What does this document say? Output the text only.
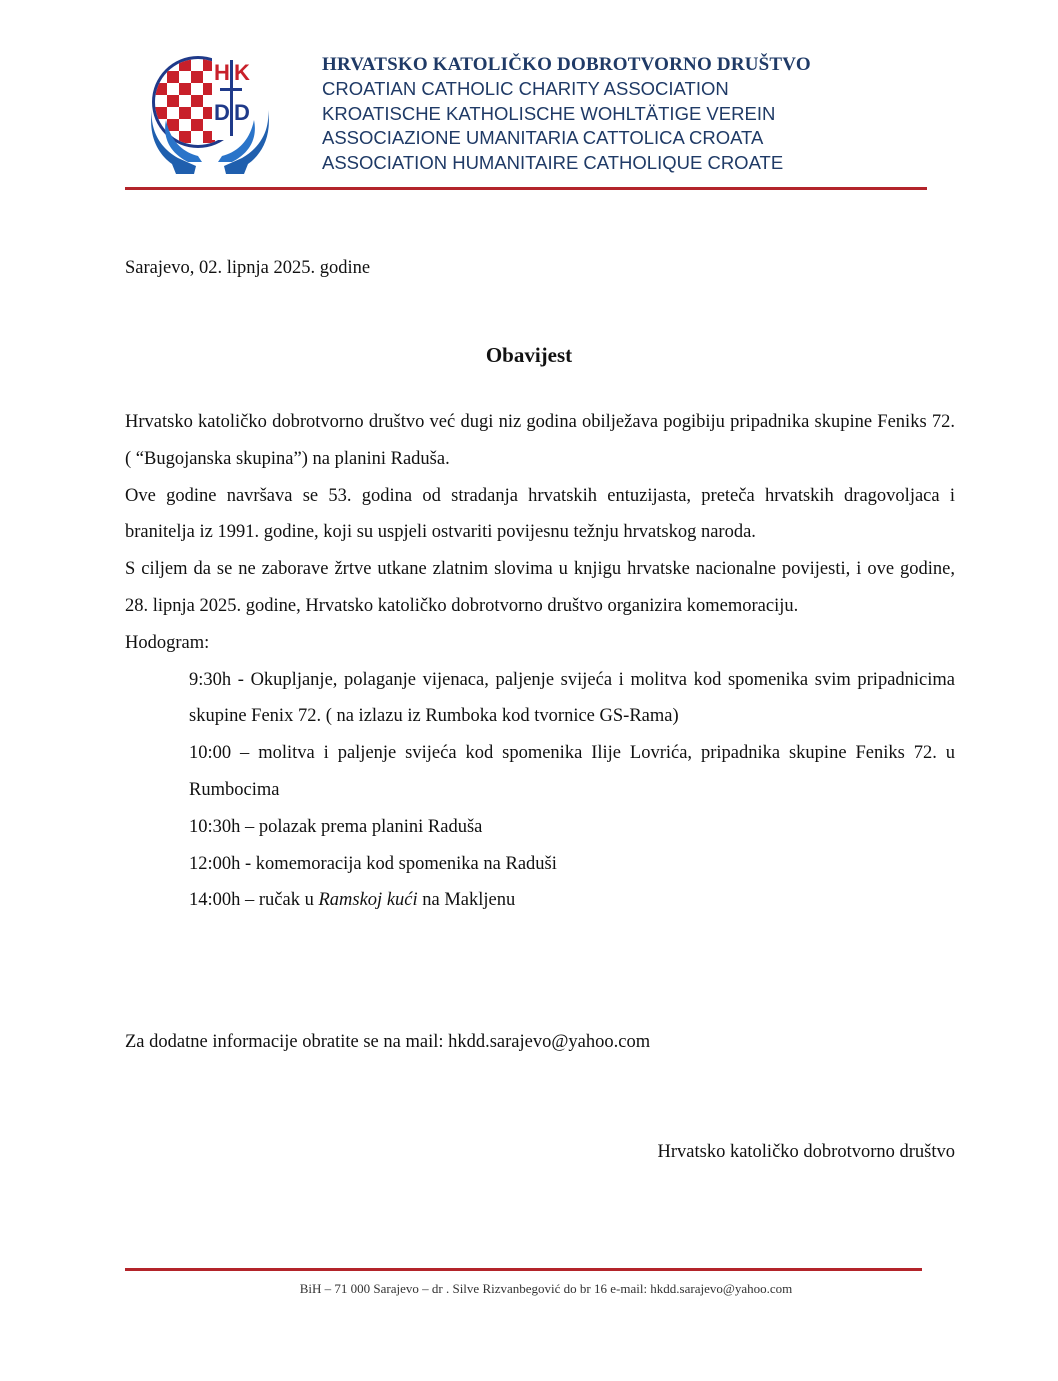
H K
D D
HRVATSKO KATOLIČKO DOBROTVORNO DRUŠTVO
CROATIAN CATHOLIC CHARITY ASSOCIATION
KROATISCHE KATHOLISCHE WOHLTÄTIGE VEREIN
ASSOCIAZIONE UMANITARIA CATTOLICA CROATA
ASSOCIATION HUMANITAIRE CATHOLIQUE CROATE
Sarajevo, 02. lipnja 2025. godine
Obavijest

Hrvatsko katoličko dobrotvorno društvo već dugi niz godina obilježava pogibiju pripadnika skupine Feniks 72. ( “Bugojanska skupina”) na planini Raduša.

Ove godine navršava se 53. godina od stradanja hrvatskih entuzijasta, preteča hrvatskih dragovoljaca i branitelja iz 1991. godine, koji su uspjeli ostvariti povijesnu težnju hrvatskog naroda.

S ciljem da se ne zaborave žrtve utkane zlatnim slovima u knjigu hrvatske nacionalne povijesti, i ove godine, 28. lipnja 2025. godine, Hrvatsko katoličko dobrotvorno društvo organizira komemoraciju.

Hodogram:

9:30h - Okupljanje, polaganje vijenaca, paljenje svijeća i molitva kod spomenika svim pripadnicima skupine Fenix 72. ( na izlazu iz Rumboka kod tvornice GS-Rama)
10:00 – molitva i paljenje svijeća kod spomenika Ilije Lovrića, pripadnika skupine Feniks 72. u Rumbocima
10:30h – polazak prema planini Raduša
12:00h - komemoracija kod spomenika na Raduši
14:00h – ručak u Ramskoj kući na Makljenu
Za dodatne informacije obratite se na mail: hkdd.sarajevo@yahoo.com
Hrvatsko katoličko dobrotvorno društvo
BiH – 71 000 Sarajevo – dr . Silve Rizvanbegović do br 16 e-mail: hkdd.sarajevo@yahoo.com
